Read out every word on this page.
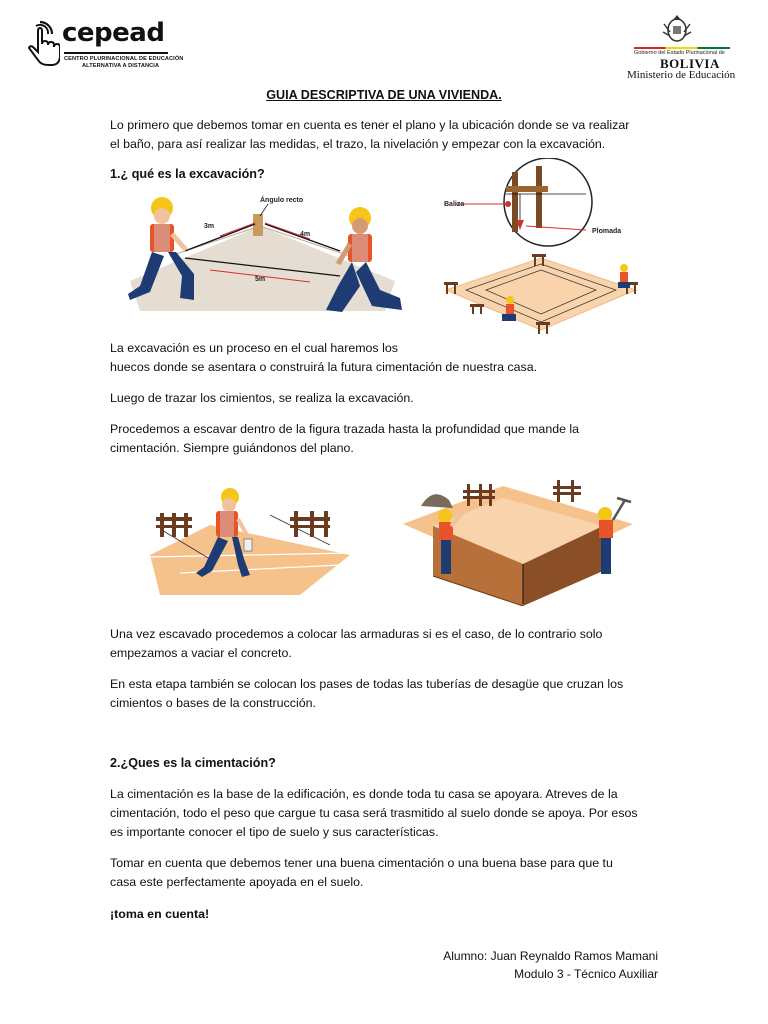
cepead
CENTRO PLURINACIONAL DE EDUCACIÓN
ALTERNATIVA A DISTANCIA
Gobierno del Estado Plurinacional de
BOLIVIA
Ministerio de Educación
GUIA DESCRIPTIVA DE UNA VIVIENDA.

Lo primero que debemos tomar en cuenta es tener el plano y la ubicación donde se va realizar

el baño, para así realizar las medidas, el trazo, la nivelación y empezar con la excavación.

1.¿ qué es la excavación?
Ángulo recto
3m
4m
5m
Baliza
Plomada

La excavación es un proceso en el cual haremos los

huecos donde se asentara o construirá la futura cimentación de nuestra casa.

Luego de trazar los cimientos, se realiza la excavación.

Procedemos a escavar dentro de la figura trazada hasta la profundidad que mande la

cimentación. Siempre guiándonos del plano.

Una vez escavado procedemos a colocar las armaduras si es el caso, de lo contrario solo

empezamos a vaciar el concreto.

En esta etapa también se colocan los pases de todas las tuberías de desagüe que cruzan los

cimientos o bases de la construcción.

2.¿Ques es la cimentación?

La cimentación es la base de la edificación, es donde toda tu casa se apoyara. Atreves de la

cimentación, todo el peso que cargue tu casa será trasmitido al suelo donde se apoya. Por esos

es importante conocer el tipo de suelo y sus características.

Tomar en cuenta que debemos tener una buena cimentación o una buena base para que tu

casa este perfectamente apoyada en el suelo.

¡toma en cuenta!

Alumno: Juan Reynaldo Ramos Mamani
Modulo 3 - Técnico Auxiliar
